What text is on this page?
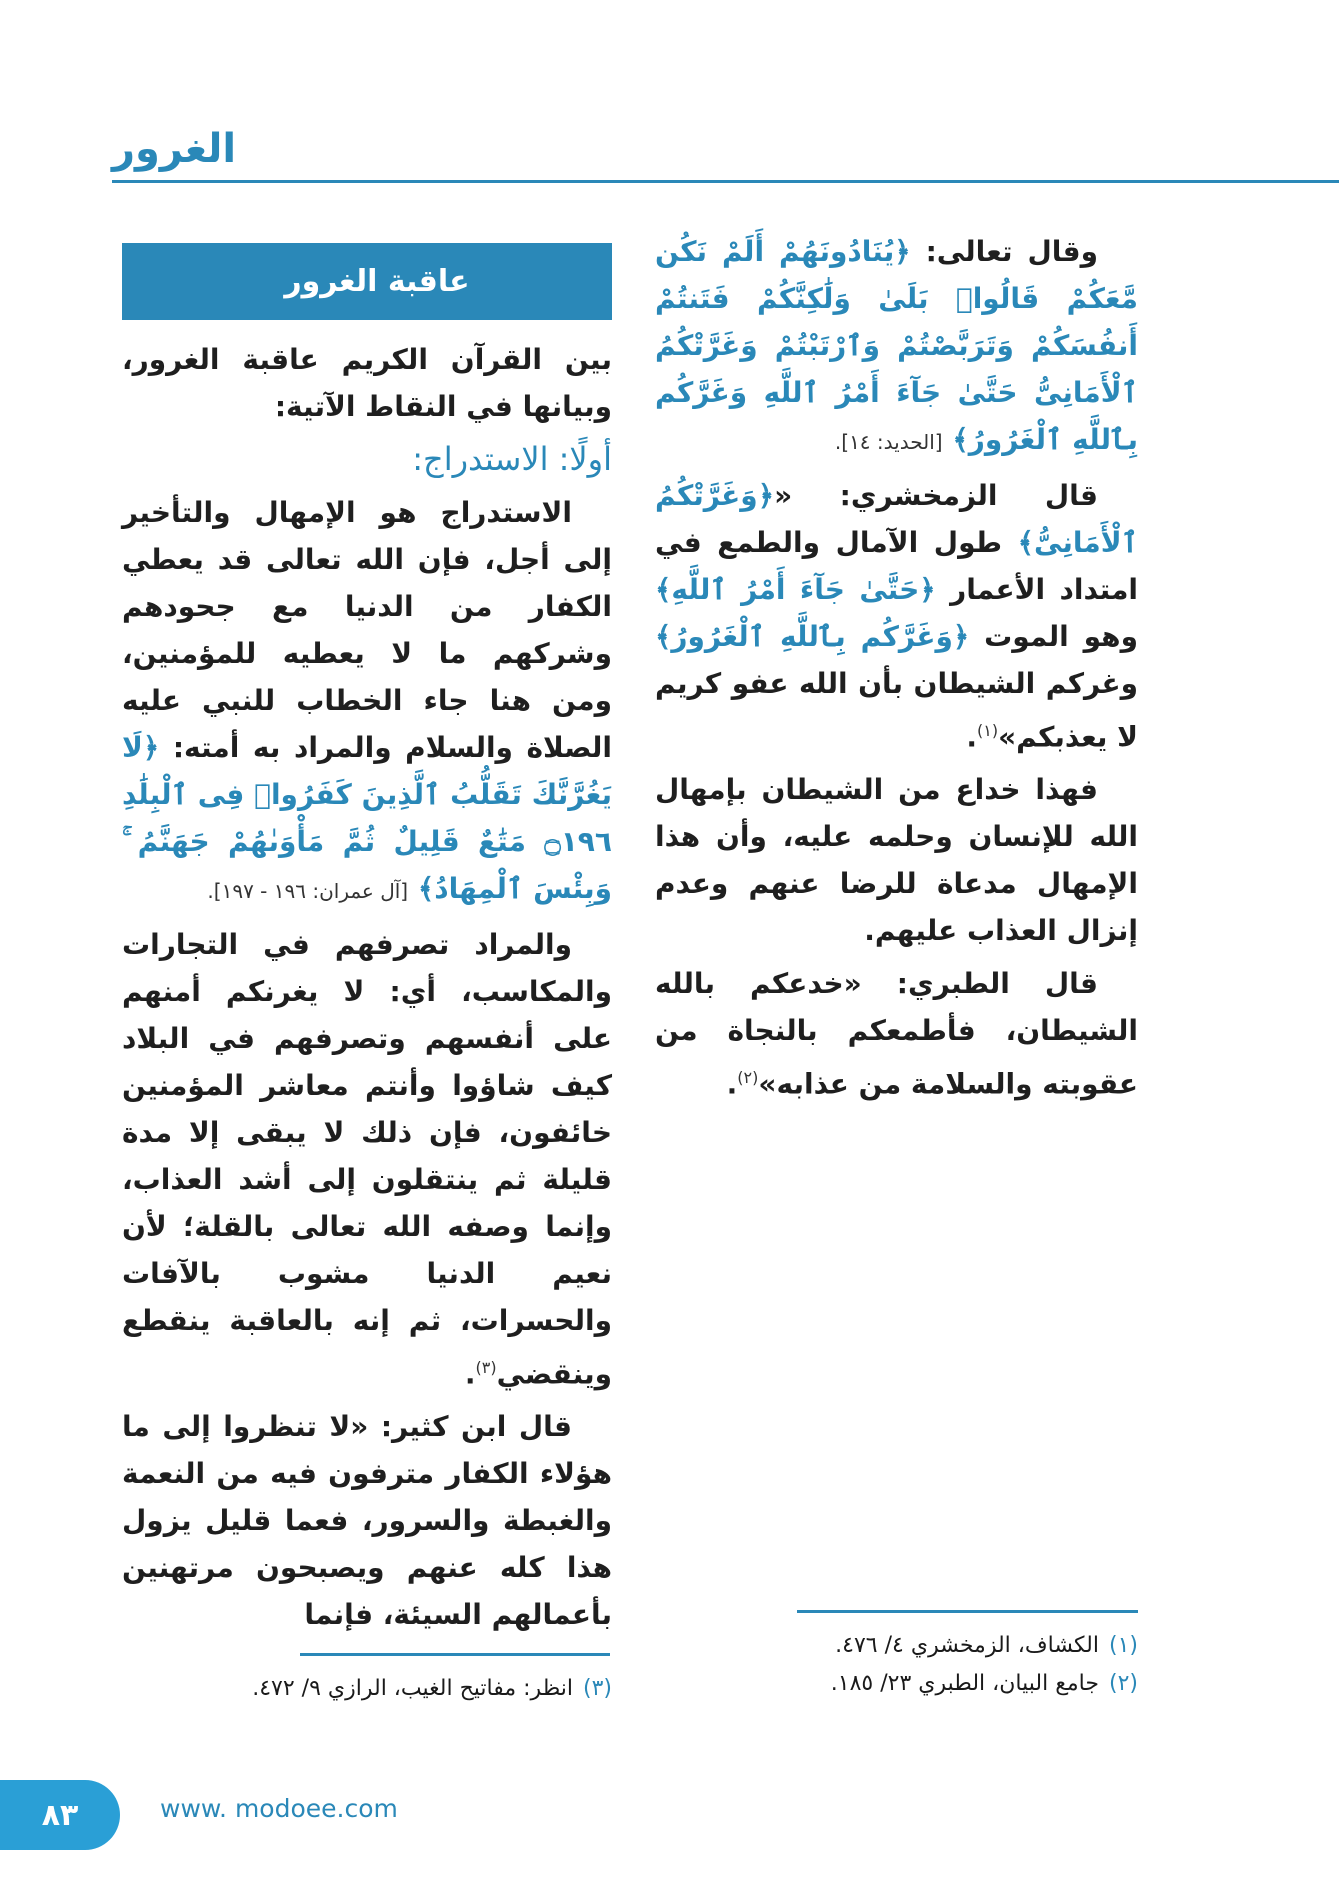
الغرور

وقال تعالى: ﴿يُنَادُونَهُمْ أَلَمْ نَكُن مَّعَكُمْ قَالُوا۟ بَلَىٰ وَلَٰكِنَّكُمْ فَتَنتُمْ أَنفُسَكُمْ وَتَرَبَّصْتُمْ وَٱرْتَبْتُمْ وَغَرَّتْكُمُ ٱلْأَمَانِىُّ حَتَّىٰ جَآءَ أَمْرُ ٱللَّهِ وَغَرَّكُم بِٱللَّهِ ٱلْغَرُورُ﴾ [الحديد: ١٤].

قال الزمخشري: «﴿وَغَرَّتْكُمُ ٱلْأَمَانِىُّ﴾ طول الآمال والطمع في امتداد الأعمار ﴿حَتَّىٰ جَآءَ أَمْرُ ٱللَّهِ﴾ وهو الموت ﴿وَغَرَّكُم بِٱللَّهِ ٱلْغَرُورُ﴾ وغركم الشيطان بأن الله عفو كريم لا يعذبكم»$^{(١)}$.

فهذا خداع من الشيطان بإمهال الله للإنسان وحلمه عليه، وأن هذا الإمهال مدعاة للرضا عنهم وعدم إنزال العذاب عليهم.

قال الطبري: «خدعكم بالله الشيطان، فأطمعكم بالنجاة من عقوبته والسلامة من عذابه»$^{(٢)}$.

عاقبة الغرور

بين القرآن الكريم عاقبة الغرور، وبيانها في النقاط الآتية:

أولًا: الاستدراج:

الاستدراج هو الإمهال والتأخير إلى أجل، فإن الله تعالى قد يعطي الكفار من الدنيا مع جحودهم وشركهم ما لا يعطيه للمؤمنين، ومن هنا جاء الخطاب للنبي عليه الصلاة والسلام والمراد به أمته: ﴿لَا يَغُرَّنَّكَ تَقَلُّبُ ٱلَّذِينَ كَفَرُوا۟ فِى ٱلْبِلَٰدِ ۝١٩٦ مَتَٰعٌ قَلِيلٌ ثُمَّ مَأْوَىٰهُمْ جَهَنَّمُ ۚ وَبِئْسَ ٱلْمِهَادُ﴾ [آل عمران: ١٩٦ - ١٩٧].

والمراد تصرفهم في التجارات والمكاسب، أي: لا يغرنكم أمنهم على أنفسهم وتصرفهم في البلاد كيف شاؤوا وأنتم معاشر المؤمنين خائفون، فإن ذلك لا يبقى إلا مدة قليلة ثم ينتقلون إلى أشد العذاب، وإنما وصفه الله تعالى بالقلة؛ لأن نعيم الدنيا مشوب بالآفات والحسرات، ثم إنه بالعاقبة ينقطع وينقضي$^{(٣)}$.

قال ابن كثير: «لا تنظروا إلى ما هؤلاء الكفار مترفون فيه من النعمة والغبطة والسرور، فعما قليل يزول هذا كله عنهم ويصبحون مرتهنين بأعمالهم السيئة، فإنما

(١)الكشاف، الزمخشري ٤/ ٤٧٦.
(٢)جامع البيان، الطبري ٢٣/ ١٨٥.
(٣)انظر: مفاتيح الغيب، الرازي ٩/ ٤٧٢.
٨٣	www. modoee.com
